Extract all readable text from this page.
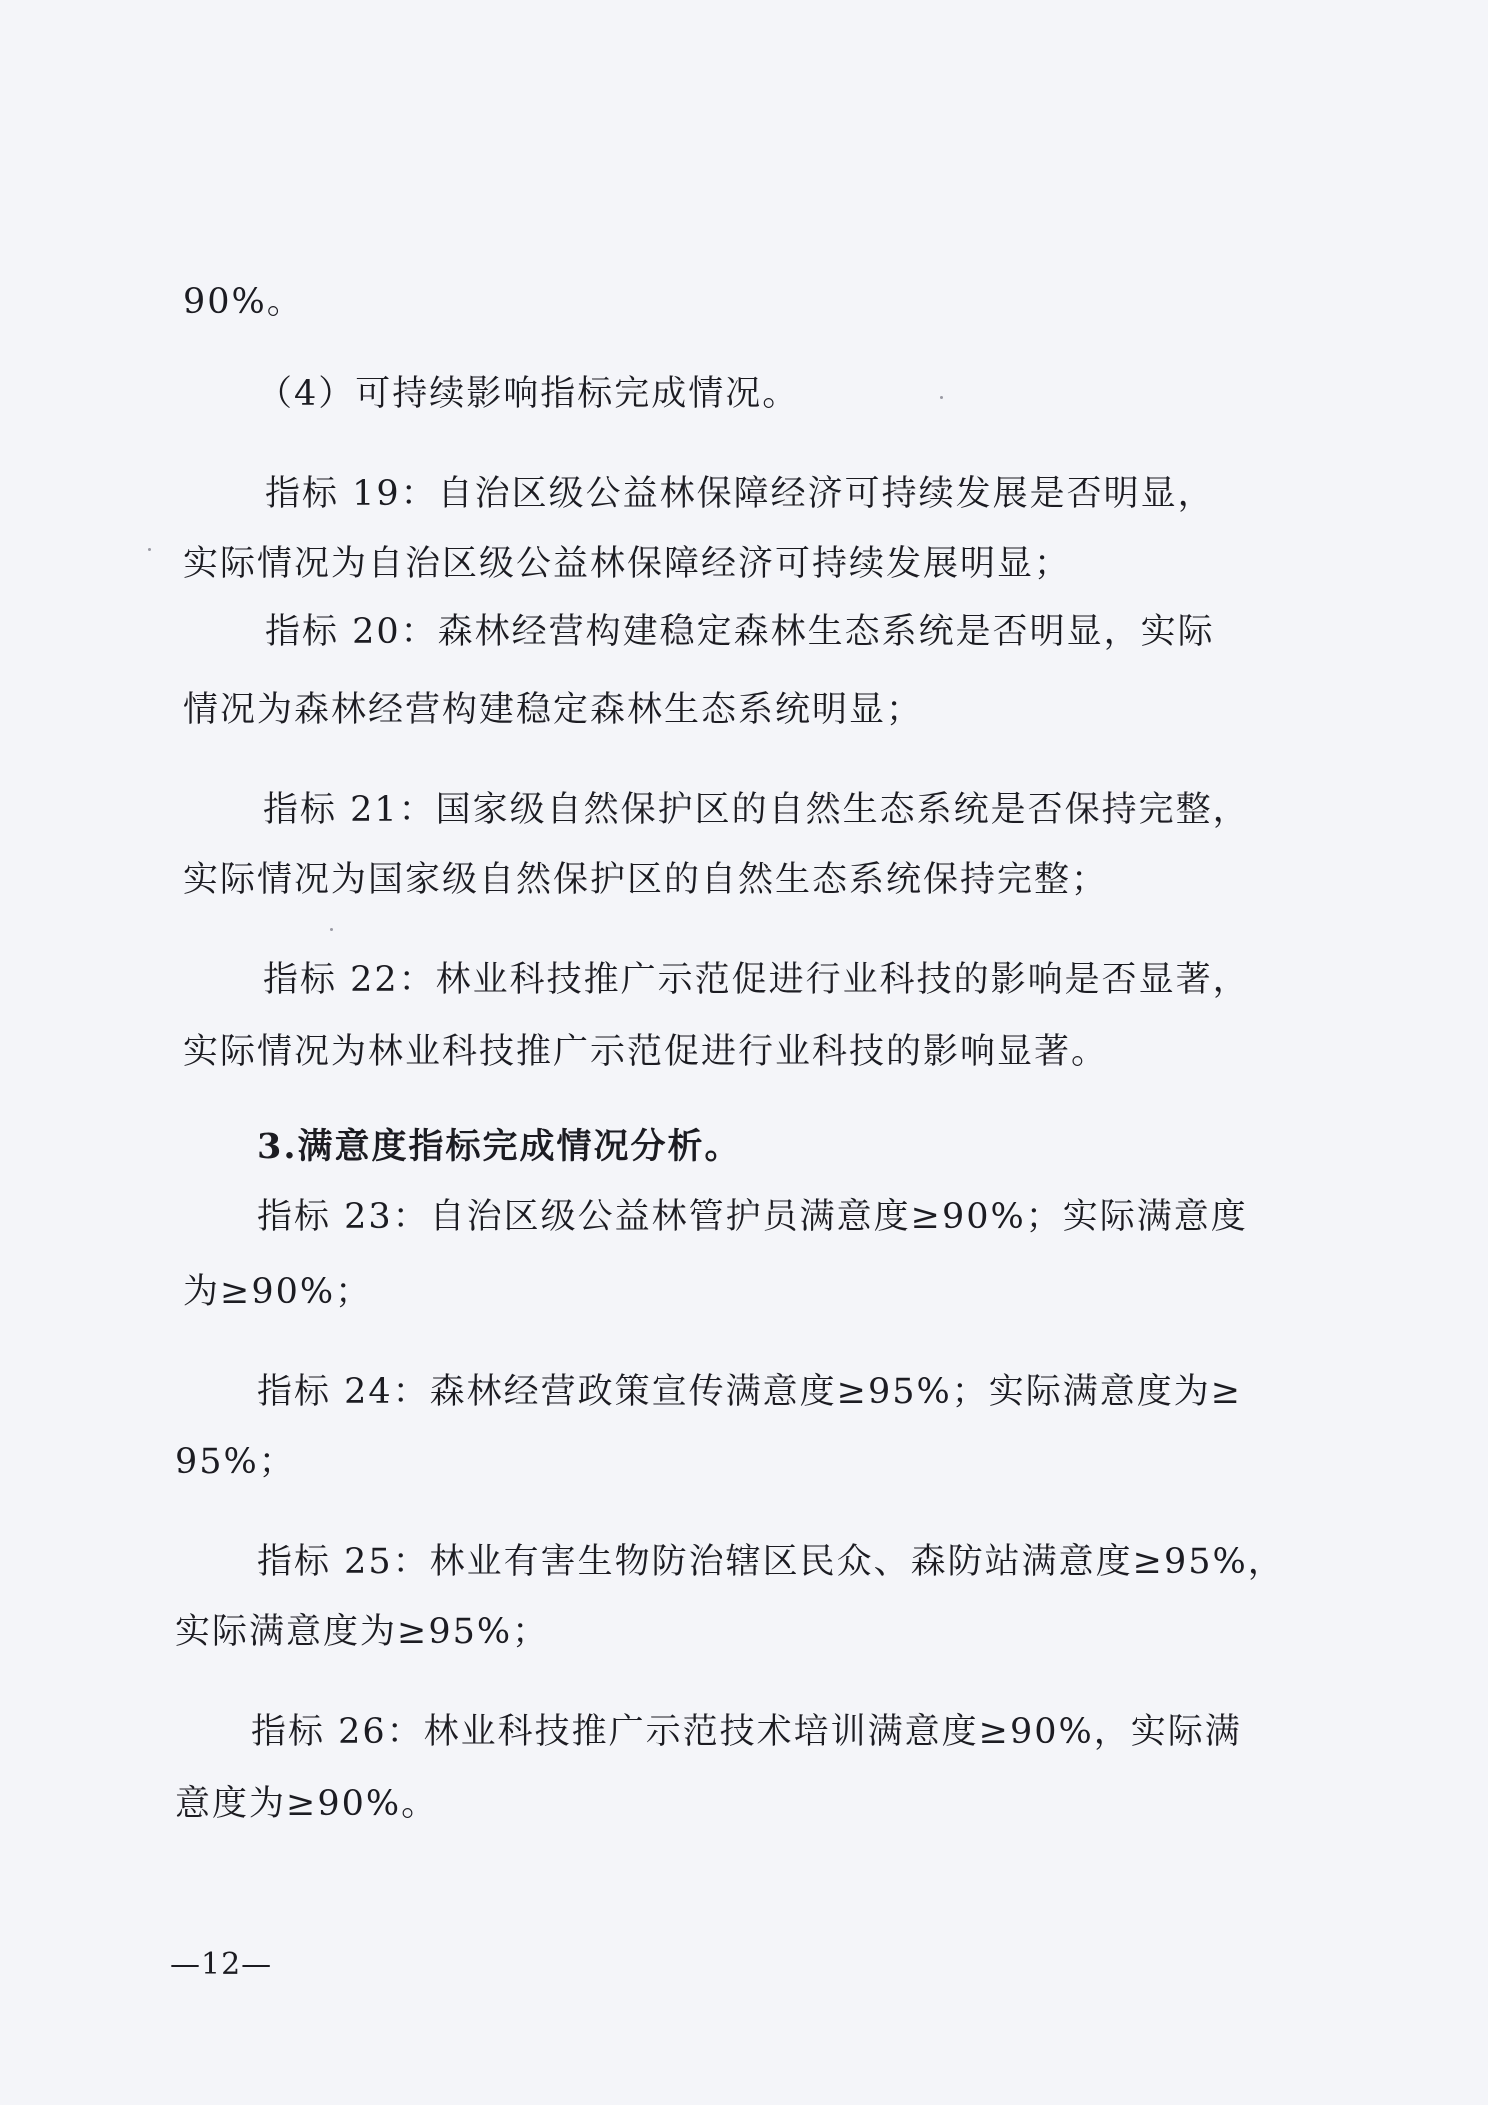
90%。
（4）可持续影响指标完成情况。
指标 19：自治区级公益林保障经济可持续发展是否明显，
实际情况为自治区级公益林保障经济可持续发展明显；
指标 20：森林经营构建稳定森林生态系统是否明显，实际
情况为森林经营构建稳定森林生态系统明显；
指标 21：国家级自然保护区的自然生态系统是否保持完整，
实际情况为国家级自然保护区的自然生态系统保持完整；
指标 22：林业科技推广示范促进行业科技的影响是否显著，
实际情况为林业科技推广示范促进行业科技的影响显著。
3.满意度指标完成情况分析。
指标 23：自治区级公益林管护员满意度≥90%；实际满意度
为≥90%；
指标 24：森林经营政策宣传满意度≥95%；实际满意度为≥
95%；
指标 25：林业有害生物防治辖区民众、森防站满意度≥95%，
实际满意度为≥95%；
指标 26：林业科技推广示范技术培训满意度≥90%，实际满
意度为≥90%。
—12—
